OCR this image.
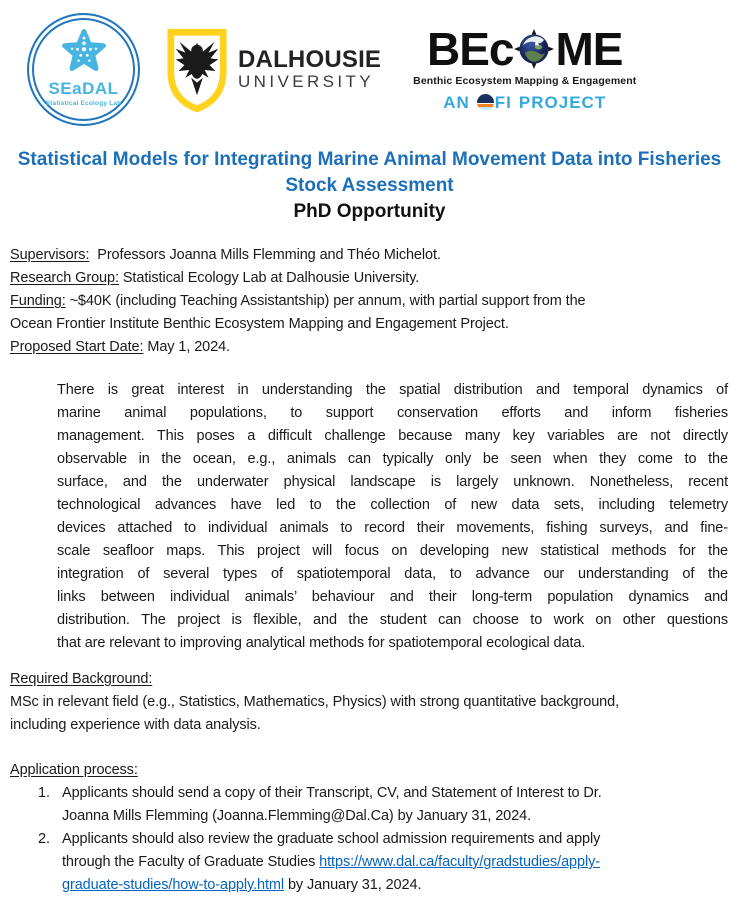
SEaDAL
Statistical Ecology Lab
DALHOUSIE
UNIVERSITY
BEc ME
Benthic Ecosystem Mapping & Engagement
AN FI PROJECT
Statistical Models for Integrating Marine Animal Movement Data into Fisheries
Stock Assessment
PhD Opportunity
Supervisors:  Professors Joanna Mills Flemming and Théo Michelot.
Research Group: Statistical Ecology Lab at Dalhousie University.
Funding: ~$40K (including Teaching Assistantship) per annum, with partial support from the
Ocean Frontier Institute Benthic Ecosystem Mapping and Engagement Project.
Proposed Start Date: May 1, 2024.
There is great interest in understanding the spatial distribution and temporal dynamics of
marine animal populations, to support conservation efforts and inform fisheries
management. This poses a difficult challenge because many key variables are not directly
observable in the ocean, e.g., animals can typically only be seen when they come to the
surface, and the underwater physical landscape is largely unknown. Nonetheless, recent
technological advances have led to the collection of new data sets, including telemetry
devices attached to individual animals to record their movements, fishing surveys, and fine-
scale seafloor maps. This project will focus on developing new statistical methods for the
integration of several types of spatiotemporal data, to advance our understanding of the
links between individual animals’ behaviour and their long-term population dynamics and
distribution. The project is flexible, and the student can choose to work on other questions
that are relevant to improving analytical methods for spatiotemporal ecological data.
Required Background:
MSc in relevant field (e.g., Statistics, Mathematics, Physics) with strong quantitative background,
including experience with data analysis.
Application process:
1. Applicants should send a copy of their Transcript, CV, and Statement of Interest to Dr.
Joanna Mills Flemming (Joanna.Flemming@Dal.Ca) by January 31, 2024.
2. Applicants should also review the graduate school admission requirements and apply
through the Faculty of Graduate Studies https://www.dal.ca/faculty/gradstudies/apply-
graduate-studies/how-to-apply.html by January 31, 2024.
